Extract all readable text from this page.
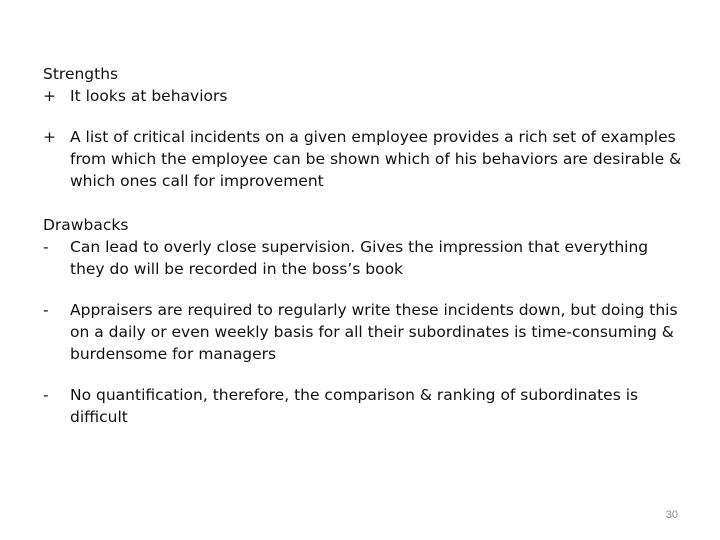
Strengths
+ It looks at behaviors
+ A list of critical incidents on a given employee provides a rich set of examples from which the employee can be shown which of his behaviors are desirable & which ones call for improvement
Drawbacks
-	Can lead to overly close supervision. Gives the impression that everything they do will be recorded in the boss’s book
-	Appraisers are required to regularly write these incidents down, but doing this on a daily or even weekly basis for all their subordinates is time-consuming & burdensome for managers
-	No quantification, therefore, the comparison & ranking of subordinates is difficult
30
